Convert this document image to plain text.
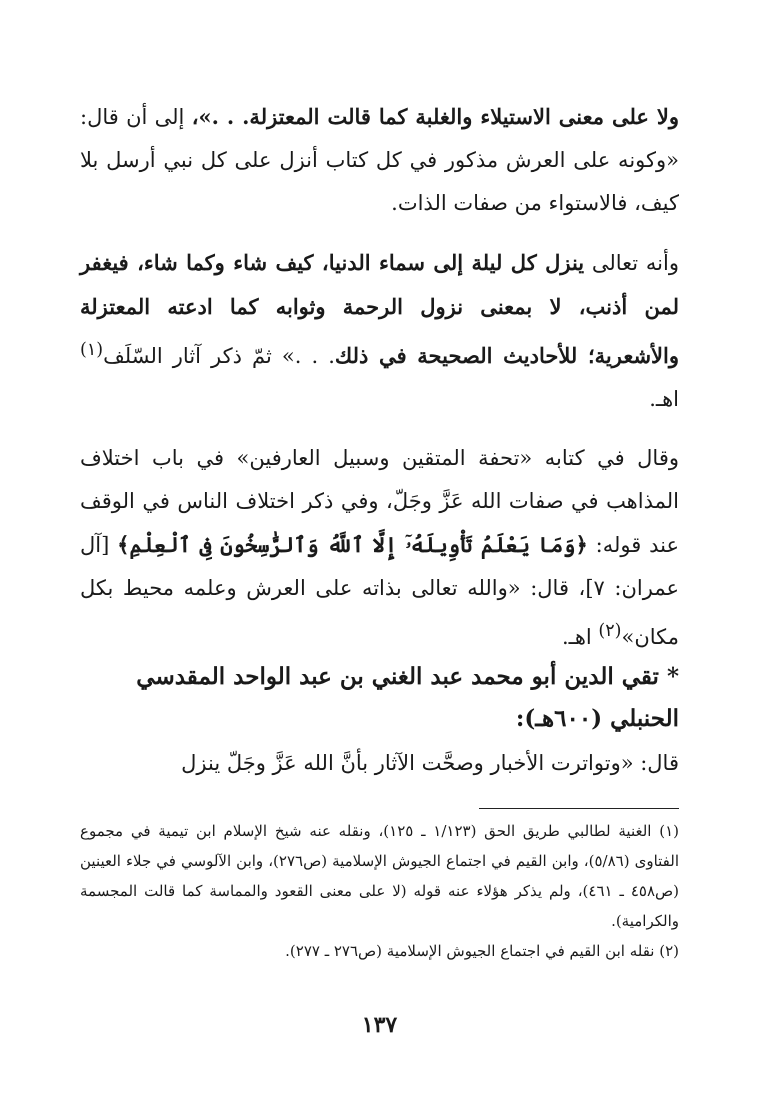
ولا على معنى الاستيلاء والغلبة كما قالت المعتزلة. . .»، إلى أن قال: «وكونه على العرش مذكور في كل كتاب أنزل على كل نبي أرسل بلا كيف، فالاستواء من صفات الذات.

وأنه تعالى ينزل كل ليلة إلى سماء الدنيا، كيف شاء وكما شاء، فيغفر لمن أذنب، لا بمعنى نزول الرحمة وثوابه كما ادعته المعتزلة والأشعرية؛ للأحاديث الصحيحة في ذلك. . .» ثمّ ذكر آثار السّلَف$^{(١)}$ اهـ.

وقال في كتابه «تحفة المتقين وسبيل العارفين» في باب اختلاف المذاهب في صفات الله عَزَّ وجَلّ، وفي ذكر اختلاف الناس في الوقف عند قوله: ﴿وَمَا يَعْلَمُ تَأْوِيلَهُۥٓ إِلَّا ٱللَّهُ وَٱلرَّٰسِخُونَ فِى ٱلْعِلْمِ﴾ [آل عمران: ٧]، قال: «والله تعالى بذاته على العرش وعلمه محيط بكل مكان»$^{(٢)}$ اهـ.

* تقي الدين أبو محمد عبد الغني بن عبد الواحد المقدسي الحنبلي (٦٠٠هـ):

قال: «وتواترت الأخبار وصحَّت الآثار بأنَّ الله عَزَّ وجَلّ ينزل

(١) الغنية لطالبي طريق الحق (١/١٢٣ ـ ١٢٥)، ونقله عنه شيخ الإسلام ابن تيمية في مجموع الفتاوى (٥/٨٦)، وابن القيم في اجتماع الجيوش الإسلامية (ص٢٧٦)، وابن الآلوسي في جلاء العينين (ص٤٥٨ ـ ٤٦١)، ولم يذكر هؤلاء عنه قوله (لا على معنى القعود والمماسة كما قالت المجسمة والكرامية).

(٢) نقله ابن القيم في اجتماع الجيوش الإسلامية (ص٢٧٦ ـ ٢٧٧).

١٣٧
